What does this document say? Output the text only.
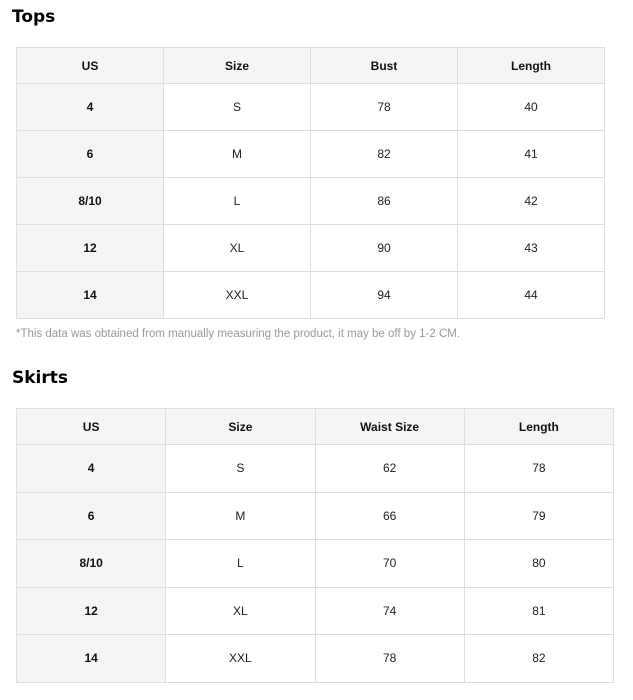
Tops
US	Size	Bust	Length
4	S	78	40
6	M	82	41
8/10	L	86	42
12	XL	90	43
14	XXL	94	44

*This data was obtained from manually measuring the product, it may be off by 1-2 CM.

Skirts
US	Size	Waist Size	Length
4	S	62	78
6	M	66	79
8/10	L	70	80
12	XL	74	81
14	XXL	78	82
